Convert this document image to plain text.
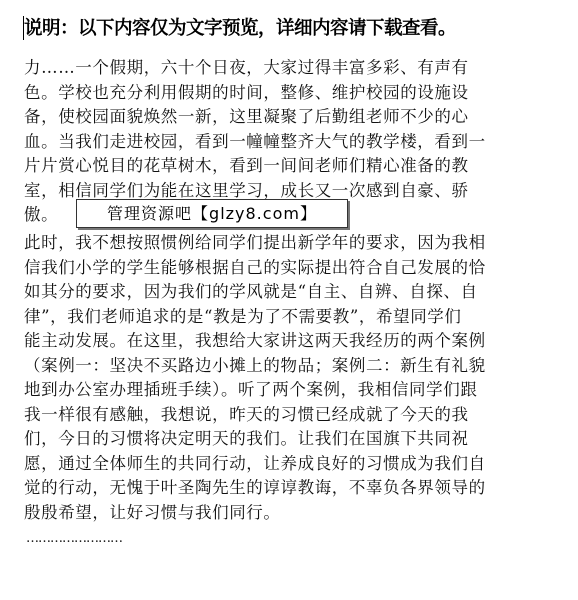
说明：以下内容仅为文字预览，详细内容请下载查看。
力……一个假期，六十个日夜，大家过得丰富多彩、有声有
色。学校也充分利用假期的时间，整修、维护校园的设施设
备，使校园面貌焕然一新，这里凝聚了后勤组老师不少的心
血。当我们走进校园，看到一幢幢整齐大气的教学楼，看到一
片片赏心悦目的花草树木，看到一间间老师们精心准备的教
室，相信同学们为能在这里学习，成长又一次感到自豪、骄
傲。
此时，我不想按照惯例给同学们提出新学年的要求，因为我相
信我们小学的学生能够根据自己的实际提出符合自己发展的恰
如其分的要求，因为我们的学风就是“自主、自辨、自探、自
律”，我们老师追求的是“教是为了不需要教”，希望同学们
能主动发展。在这里，我想给大家讲这两天我经历的两个案例
（案例一：坚决不买路边小摊上的物品；案例二：新生有礼貌
地到办公室办理插班手续）。听了两个案例，我相信同学们跟
我一样很有感触，我想说，昨天的习惯已经成就了今天的我
们，今日的习惯将决定明天的我们。让我们在国旗下共同祝
愿，通过全体师生的共同行动，让养成良好的习惯成为我们自
觉的行动，无愧于叶圣陶先生的谆谆教诲，不辜负各界领导的
殷殷希望，让好习惯与我们同行。
管理资源吧【glzy8.com】
……………………
